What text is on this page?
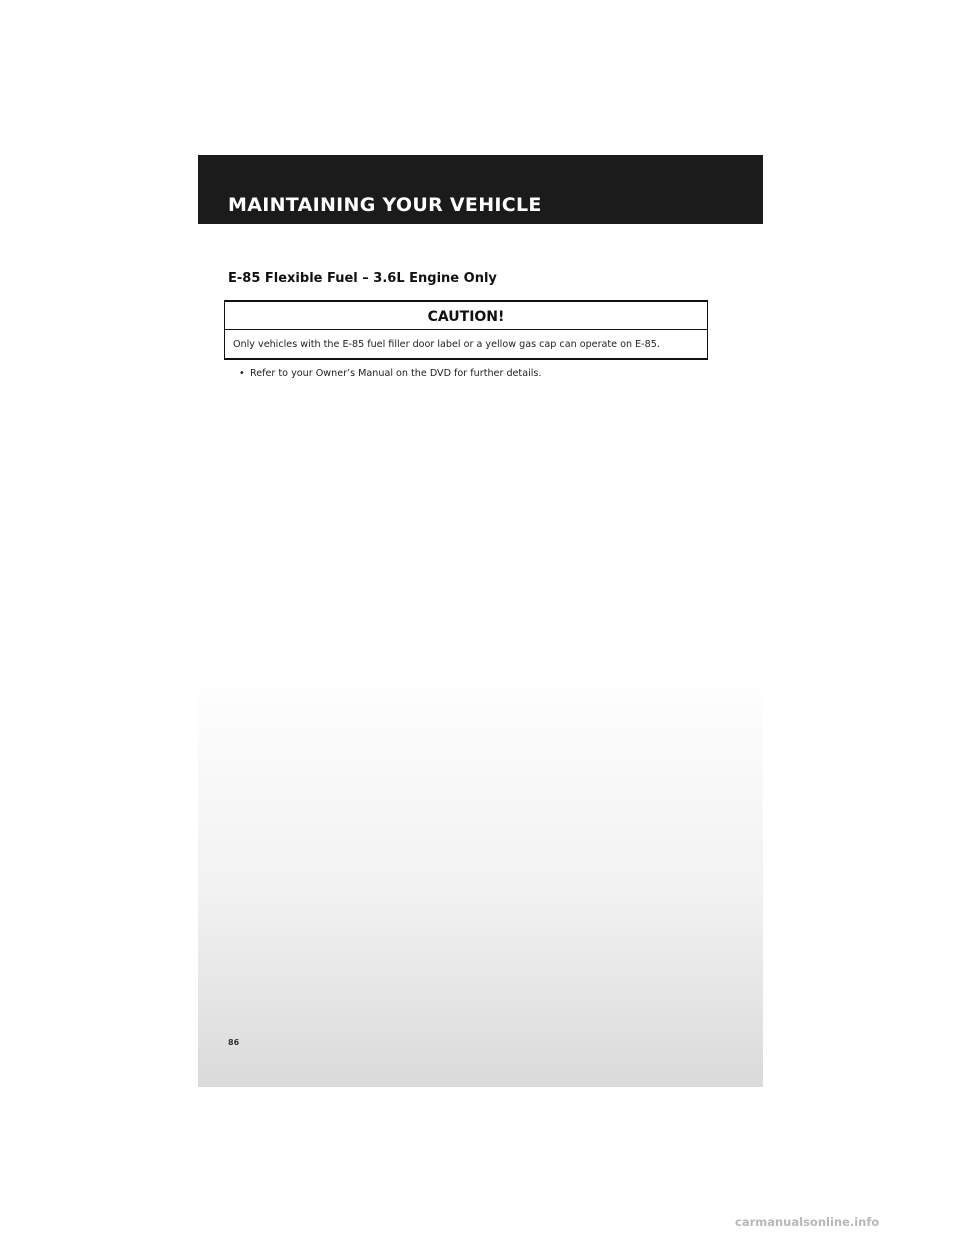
MAINTAINING YOUR VEHICLE
E-85 Flexible Fuel – 3.6L Engine Only
CAUTION!
Only vehicles with the E-85 fuel filler door label or a yellow gas cap can operate on E-85.
• Refer to your Owner’s Manual on the DVD for further details.
86
carmanualsonline.info
